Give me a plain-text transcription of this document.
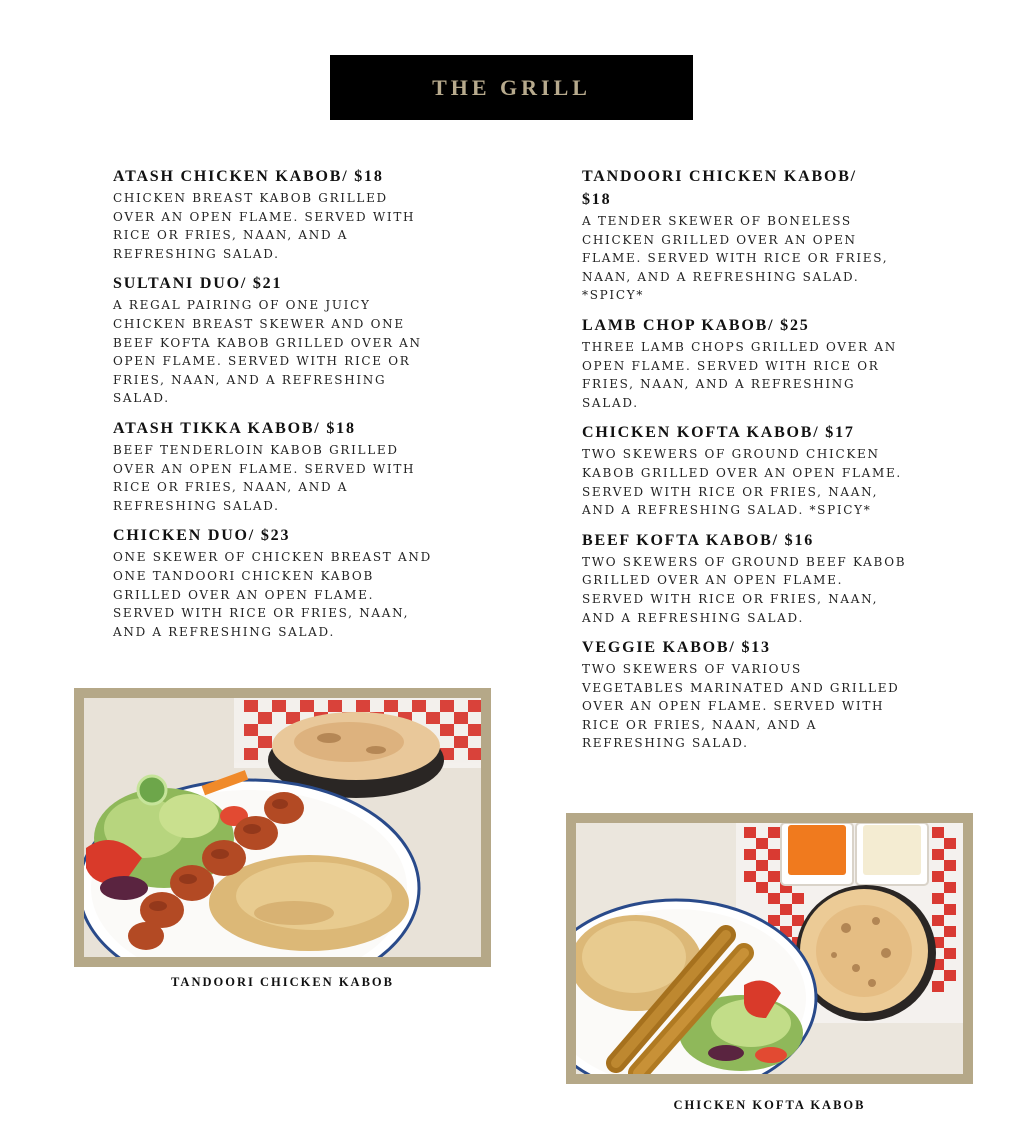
THE GRILL

ATASH CHICKEN KABOB/ $18

CHICKEN BREAST KABOB GRILLED
OVER AN OPEN FLAME. SERVED WITH
RICE OR FRIES, NAAN, AND A
REFRESHING SALAD.

SULTANI DUO/ $21

A REGAL PAIRING OF ONE JUICY
CHICKEN BREAST SKEWER AND ONE
BEEF KOFTA KABOB GRILLED OVER AN
OPEN FLAME. SERVED WITH RICE OR
FRIES, NAAN, AND A REFRESHING
SALAD.

ATASH TIKKA KABOB/ $18

BEEF TENDERLOIN KABOB GRILLED
OVER AN OPEN FLAME. SERVED WITH
RICE OR FRIES, NAAN, AND A
REFRESHING SALAD.

CHICKEN DUO/ $23

ONE SKEWER OF CHICKEN BREAST AND
ONE TANDOORI CHICKEN KABOB
GRILLED OVER AN OPEN FLAME.
SERVED WITH RICE OR FRIES, NAAN,
AND A REFRESHING SALAD.

TANDOORI CHICKEN KABOB/
$18

A TENDER SKEWER OF BONELESS
CHICKEN GRILLED OVER AN OPEN
FLAME. SERVED WITH RICE OR FRIES,
NAAN, AND A REFRESHING SALAD.
*SPICY*

LAMB CHOP KABOB/ $25

THREE LAMB CHOPS GRILLED OVER AN
OPEN FLAME. SERVED WITH RICE OR
FRIES, NAAN, AND A REFRESHING
SALAD.

CHICKEN KOFTA KABOB/ $17

TWO SKEWERS OF GROUND CHICKEN
KABOB GRILLED OVER AN OPEN FLAME.
SERVED WITH RICE OR FRIES, NAAN,
AND A REFRESHING SALAD. *SPICY*

BEEF KOFTA KABOB/ $16

TWO SKEWERS OF GROUND BEEF KABOB
GRILLED OVER AN OPEN FLAME.
SERVED WITH RICE OR FRIES, NAAN,
AND A REFRESHING SALAD.

VEGGIE KABOB/ $13

TWO SKEWERS OF VARIOUS
VEGETABLES MARINATED AND GRILLED
OVER AN OPEN FLAME. SERVED WITH
RICE OR FRIES, NAAN, AND A
REFRESHING SALAD.

TANDOORI CHICKEN KABOB
CHICKEN KOFTA KABOB
